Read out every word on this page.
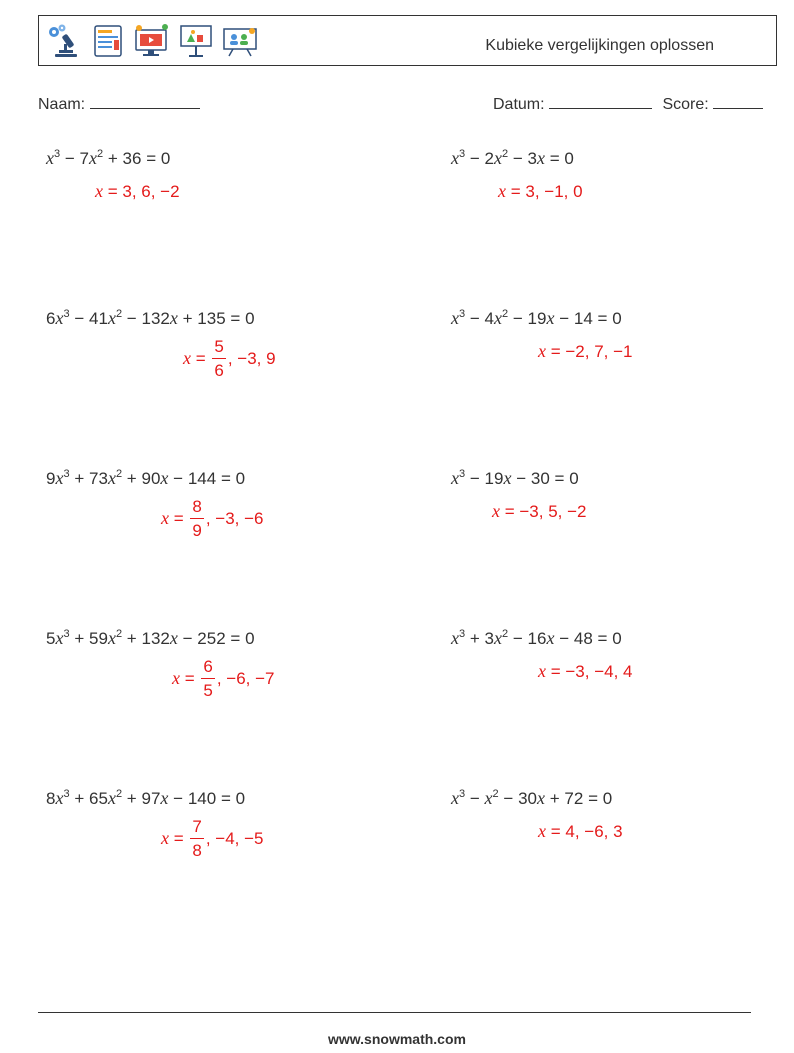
Kubieke vergelijkingen oplossen
Naam:	Datum:	Score:
$x^3 - 7x^2 + 36 = 0$
x = 3, 6, −2
$x^3 - 2x^2 - 3x = 0$
x = 3, −1, 0
$6x^3 - 41x^2 - 132x + 135 = 0$
$x = \frac{5}{6}$ , −3, 9
$x^3 - 4x^2 - 19x - 14 = 0$
x = −2, 7, −1
$9x^3 + 73x^2 + 90x - 144 = 0$
$x = \frac{8}{9}$ , −3, −6
$x^3 - 19x - 30 = 0$
x = −3, 5, −2
$5x^3 + 59x^2 + 132x - 252 = 0$
$x = \frac{6}{5}$ , −6, −7
$x^3 + 3x^2 - 16x - 48 = 0$
x = −3, −4, 4
$8x^3 + 65x^2 + 97x - 140 = 0$
$x = \frac{7}{8}$ , −4, −5
$x^3 - x^2 - 30x + 72 = 0$
x = 4, −6, 3
www.snowmath.com
